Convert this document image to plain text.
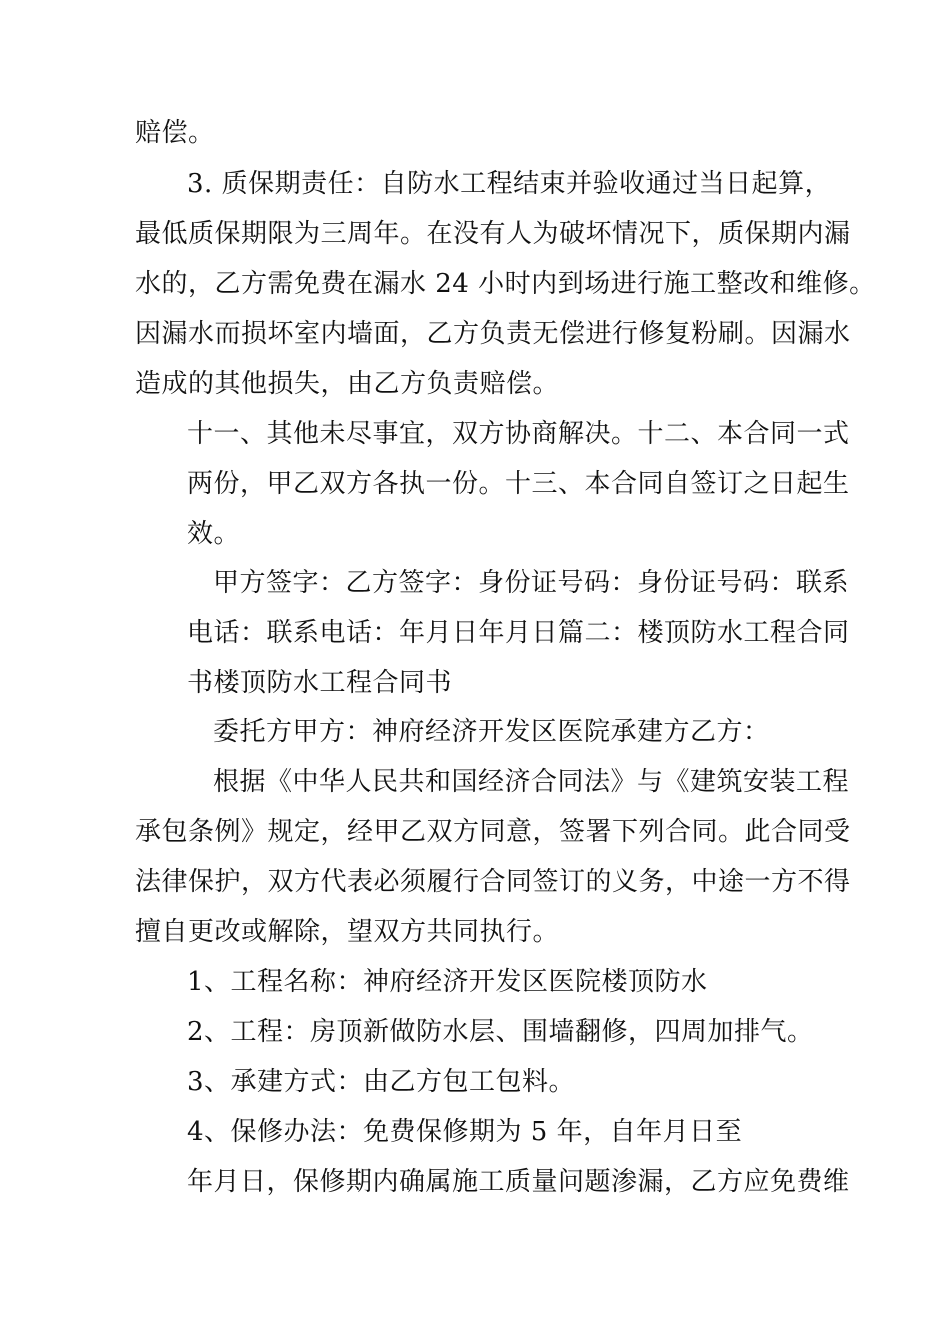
赔偿。
3. 质保期责任：自防水工程结束并验收通过当日起算，
最低质保期限为三周年。在没有人为破坏情况下，质保期内漏
水的，乙方需免费在漏水 24 小时内到场进行施工整改和维修。
因漏水而损坏室内墙面，乙方负责无偿进行修复粉刷。因漏水
造成的其他损失，由乙方负责赔偿。
十一、其他未尽事宜，双方协商解决。十二、本合同一式
两份，甲乙双方各执一份。十三、本合同自签订之日起生
效。
甲方签字：乙方签字：身份证号码：身份证号码：联系
电话：联系电话：年月日年月日篇二：楼顶防水工程合同
书楼顶防水工程合同书
委托方甲方：神府经济开发区医院承建方乙方：
根据《中华人民共和国经济合同法》与《建筑安装工程
承包条例》规定，经甲乙双方同意，签署下列合同。此合同受
法律保护，双方代表必须履行合同签订的义务，中途一方不得
擅自更改或解除，望双方共同执行。
1、工程名称：神府经济开发区医院楼顶防水
2、工程：房顶新做防水层、围墙翻修，四周加排气。
3、承建方式：由乙方包工包料。
4、保修办法：免费保修期为 5 年，自年月日至
年月日，保修期内确属施工质量问题渗漏，乙方应免费维
